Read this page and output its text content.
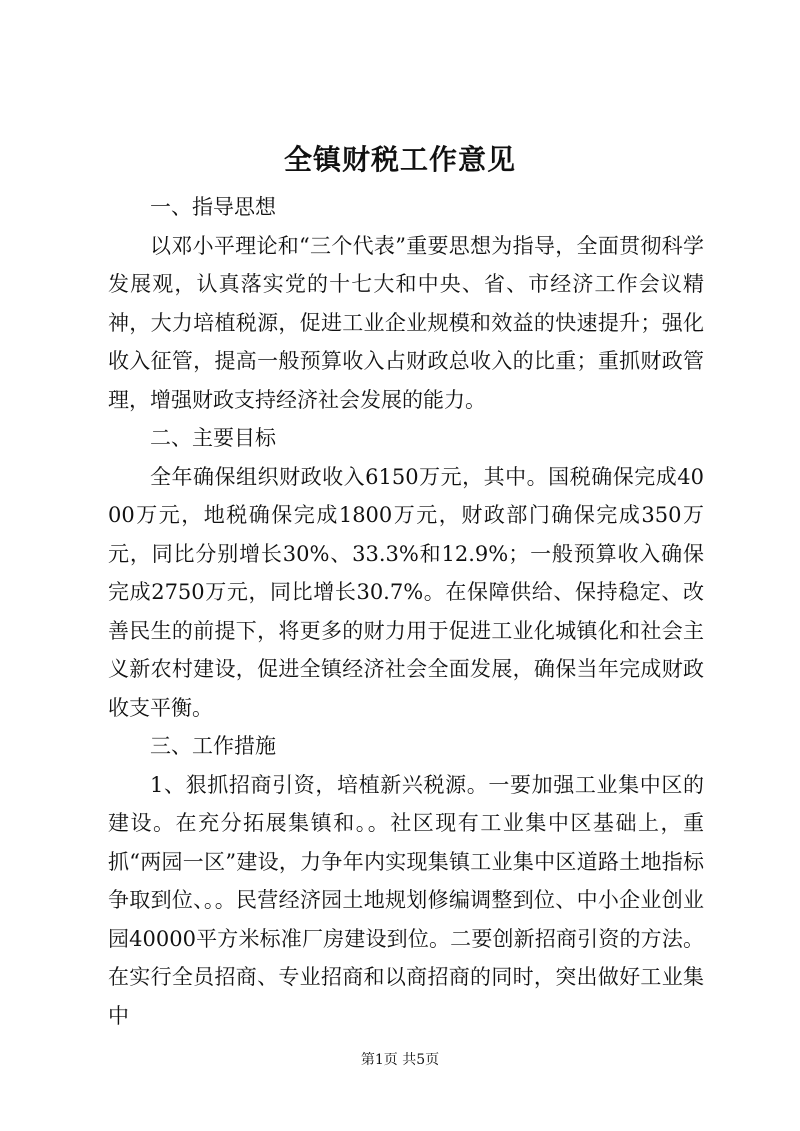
全镇财税工作意见

一、指导思想

以邓小平理论和“三个代表”重要思想为指导，全面贯彻科学发展观，认真落实党的十七大和中央、省、市经济工作会议精神，大力培植税源，促进工业企业规模和效益的快速提升；强化收入征管，提高一般预算收入占财政总收入的比重；重抓财政管理，增强财政支持经济社会发展的能力。

二、主要目标

全年确保组织财政收入6150万元，其中。国税确保完成4000万元，地税确保完成1800万元，财政部门确保完成350万元，同比分别增长30%、33.3%和12.9%；一般预算收入确保完成2750万元，同比增长30.7%。在保障供给、保持稳定、改善民生的前提下，将更多的财力用于促进工业化城镇化和社会主义新农村建设，促进全镇经济社会全面发展，确保当年完成财政收支平衡。

三、工作措施

1、狠抓招商引资，培植新兴税源。一要加强工业集中区的建设。在充分拓展集镇和。。社区现有工业集中区基础上，重抓“两园一区”建设，力争年内实现集镇工业集中区道路土地指标争取到位、。。民营经济园土地规划修编调整到位、中小企业创业园40000平方米标准厂房建设到位。二要创新招商引资的方法。在实行全员招商、专业招商和以商招商的同时，突出做好工业集中

第1页 共5页
